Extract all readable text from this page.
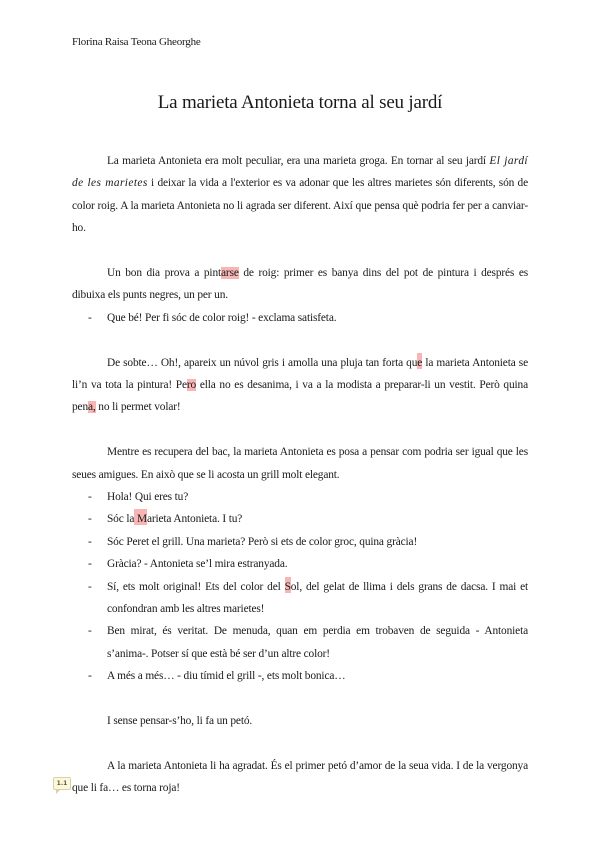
Florina Raisa Teona Gheorghe
La marieta Antonieta torna al seu jardí

La marieta Antonieta era molt peculiar, era una marieta groga. En tornar al seu jardí El jardí de les marietes i deixar la vida a l'exterior es va adonar que les altres marietes són diferents, són de color roig. A la marieta Antonieta no li agrada ser diferent. Així que pensa què podria fer per a canviar-ho.

Un bon dia prova a pintarse de roig: primer es banya dins del pot de pintura i després es dibuixa els punts negres, un per un.

- Que bé! Per fi sóc de color roig! - exclama satisfeta.

De sobte… Oh!, apareix un núvol gris i amolla una pluja tan forta que la marieta Antonieta se li’n va tota la pintura! Pero ella no es desanima, i va a la modista a preparar-li un vestit. Però quina pena, no li permet volar!

Mentre es recupera del bac, la marieta Antonieta es posa a pensar com podria ser igual que les seues amigues. En això que se li acosta un grill molt elegant.

- Hola! Qui eres tu?

- Sóc la Marieta Antonieta. I tu?

- Sóc Peret el grill. Una marieta? Però si ets de color groc, quina gràcia!

- Gràcia? - Antonieta se’l mira estranyada.

- Sí, ets molt original! Ets del color del Sol, del gelat de llima i dels grans de dacsa. I mai et confondran amb les altres marietes!

- Ben mirat, és veritat. De menuda, quan em perdia em trobaven de seguida - Antonieta s’anima-. Potser sí que està bé ser d’un altre color!

- A més a més… - diu tímid el grill -, ets molt bonica…

I sense pensar-s’ho, li fa un petó.

A la marieta Antonieta li ha agradat. És el primer petó d’amor de la seua vida. I de la vergonya que li fa… es torna roja!

1.1
